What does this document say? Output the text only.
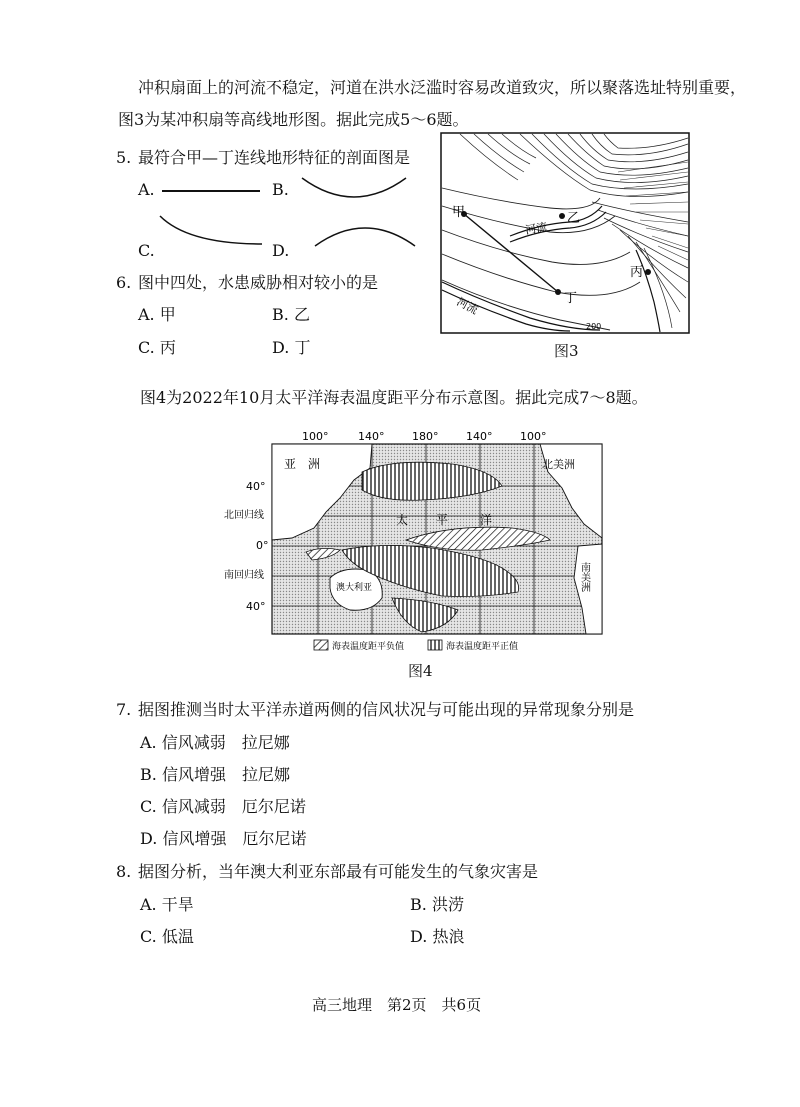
冲积扇面上的河流不稳定，河道在洪水泛滥时容易改道致灾，所以聚落选址特别重要，
图3为某冲积扇等高线地形图。据此完成5～6题。
5. 最符合甲—丁连线地形特征的剖面图是
A.	B.
C.	D.
6. 图中四处，水患威胁相对较小的是
A. 甲	B. 乙
C. 丙	D. 丁
甲
丁
乙
丙
河流
河流
200
图3
图4为2022年10月太平洋海表温度距平分布示意图。据此完成7～8题。
100°	140°	180°	140°	100°
40°
北回归线
0°
南回归线
40°
亚　洲	北美洲
太 平	洋
澳大利亚	南美洲
海表温度距平负值	海表温度距平正值
图4
7. 据图推测当时太平洋赤道两侧的信风状况与可能出现的异常现象分别是
A. 信风减弱　拉尼娜
B. 信风增强　拉尼娜
C. 信风减弱　厄尔尼诺
D. 信风增强　厄尔尼诺
8. 据图分析，当年澳大利亚东部最有可能发生的气象灾害是
A. 干旱	B. 洪涝
C. 低温	D. 热浪
高三地理　第2页　共6页
